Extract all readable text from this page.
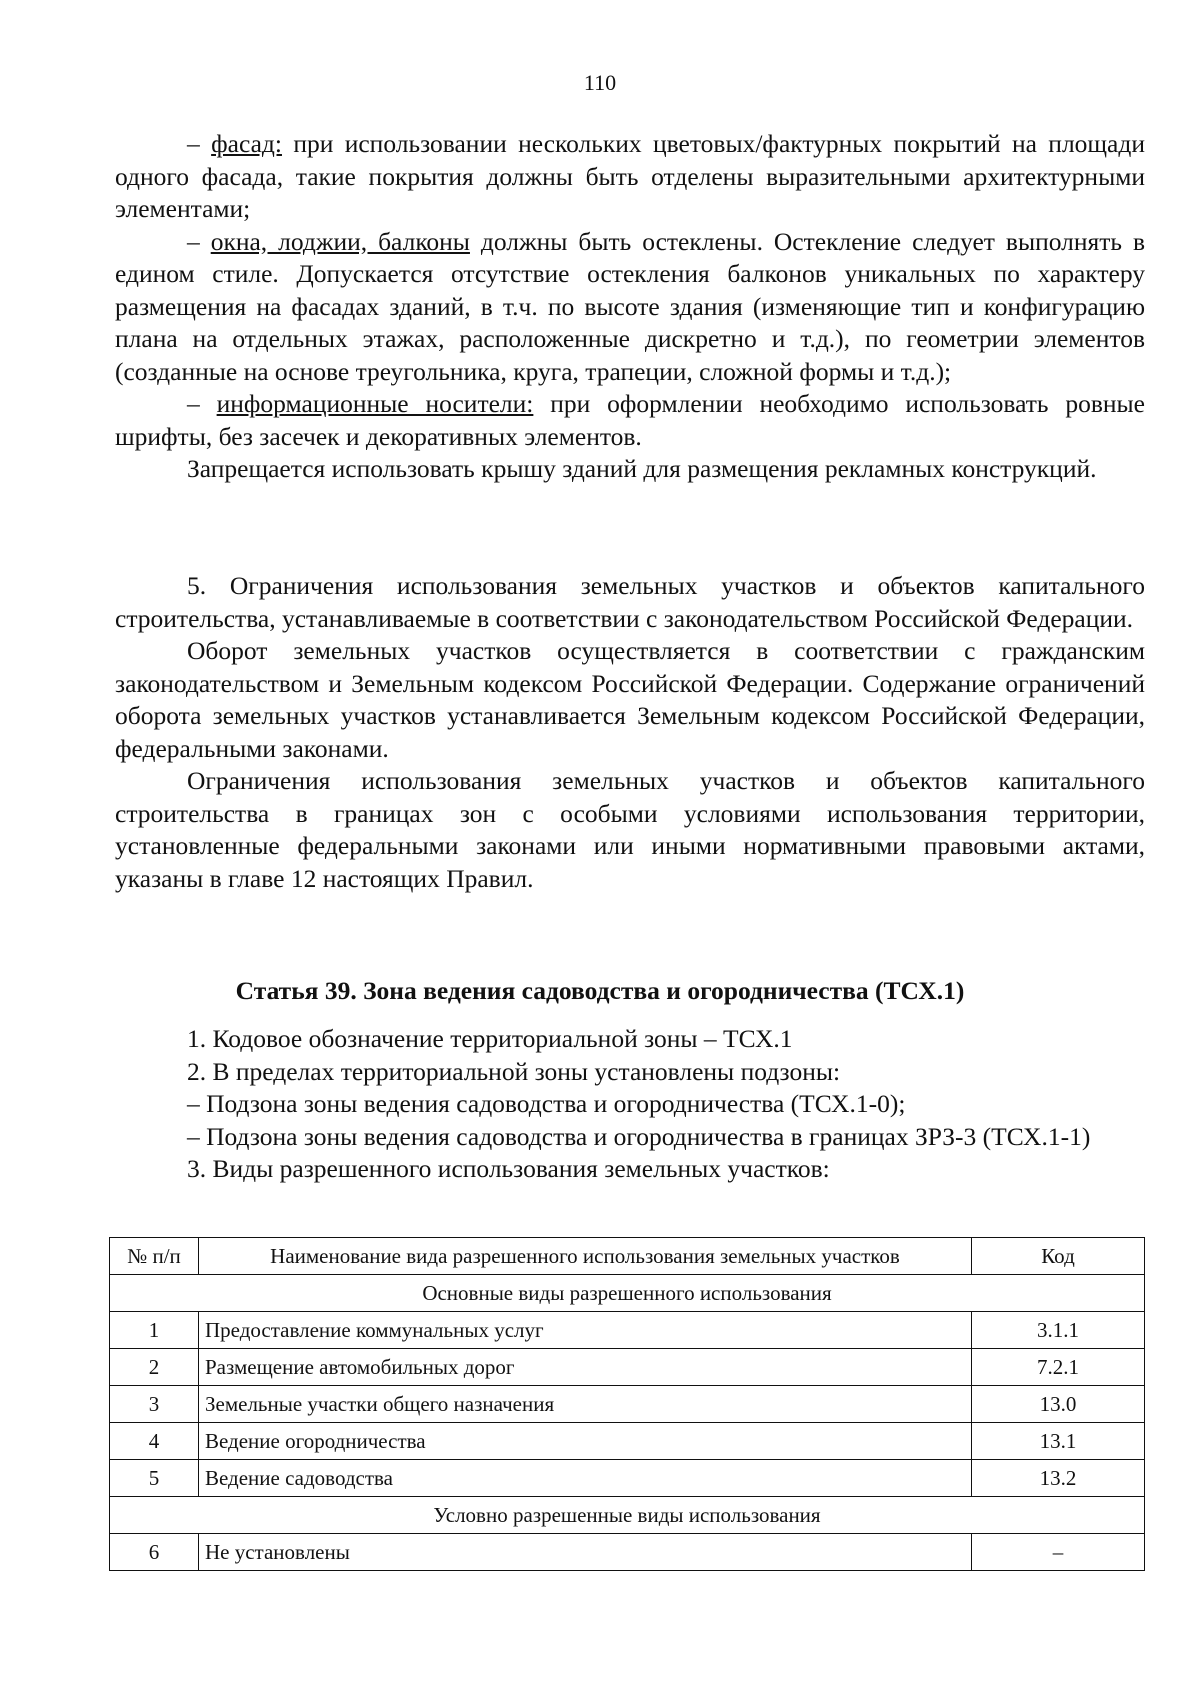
110

– фасад: при использовании нескольких цветовых/фактурных покрытий на площади одного фасада, такие покрытия должны быть отделены выразительными архитектурными элементами;

– окна, лоджии, балконы должны быть остеклены. Остекление следует выполнять в едином стиле. Допускается отсутствие остекления балконов уникальных по характеру размещения на фасадах зданий, в т.ч. по высоте здания (изменяющие тип и конфигурацию плана на отдельных этажах, расположенные дискретно и т.д.), по геометрии элементов (созданные на основе треугольника, круга, трапеции, сложной формы и т.д.);

– информационные носители: при оформлении необходимо использовать ровные шрифты, без засечек и декоративных элементов.

Запрещается использовать крышу зданий для размещения рекламных конструкций.

5. Ограничения использования земельных участков и объектов капитального строительства, устанавливаемые в соответствии с законодательством Российской Федерации.

Оборот земельных участков осуществляется в соответствии с гражданским законодательством и Земельным кодексом Российской Федерации. Содержание ограничений оборота земельных участков устанавливается Земельным кодексом Российской Федерации, федеральными законами.

Ограничения использования земельных участков и объектов капитального строительства в границах зон с особыми условиями использования территории, установленные федеральными законами или иными нормативными правовыми актами, указаны в главе 12 настоящих Правил.

Статья 39. Зона ведения садоводства и огородничества (ТСХ.1)

1. Кодовое обозначение территориальной зоны – ТСХ.1

2. В пределах территориальной зоны установлены подзоны:

– Подзона зоны ведения садоводства и огородничества (ТСХ.1-0);

– Подзона зоны ведения садоводства и огородничества в границах ЗРЗ-3 (ТСХ.1-1)

3. Виды разрешенного использования земельных участков:

№ п/п	Наименование вида разрешенного использования земельных участков	Код
Основные виды разрешенного использования		
1	Предоставление коммунальных услуг	3.1.1
2	Размещение автомобильных дорог	7.2.1
3	Земельные участки общего назначения	13.0
4	Ведение огородничества	13.1
5	Ведение садоводства	13.2
Условно разрешенные виды использования		
6	Не установлены	–
